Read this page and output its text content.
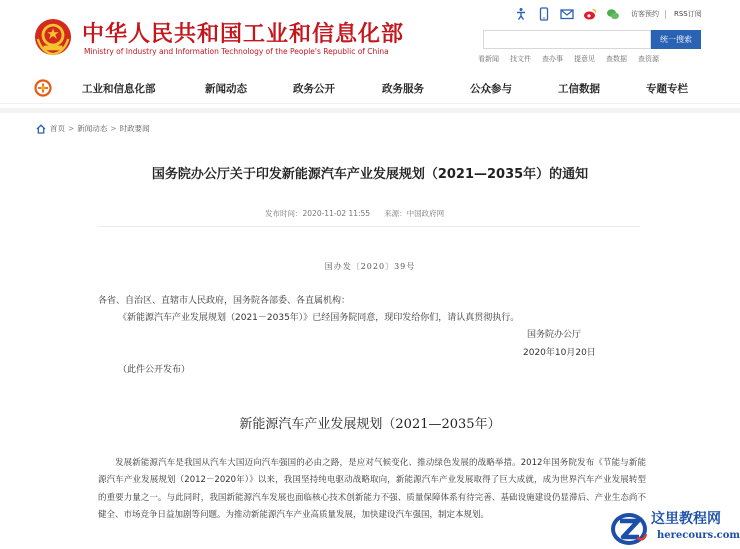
中华人民共和国工业和信息化部
Ministry of Industry and Information Technology of the People's Republic of China
访客预约 RSS订阅
统一搜索
看新闻 找文件 查办事 提意见 查数据 查资源
工业和信息化部	新闻动态	政务公开	政务服务	公众参与	工信数据	专题专栏
首页 > 新闻动态 > 时政要闻
国务院办公厅关于印发新能源汽车产业发展规划（2021—2035年）的通知
发布时间：2020-11-02 11:55 来源：中国政府网
国办发〔2020〕39号
各省、自治区、直辖市人民政府，国务院各部委、各直属机构：
《新能源汽车产业发展规划（2021－2035年）》已经国务院同意，现印发给你们，请认真贯彻执行。
国务院办公厅
2020年10月20日
（此件公开发布）
新能源汽车产业发展规划（2021—2035年）
发展新能源汽车是我国从汽车大国迈向汽车强国的必由之路，是应对气候变化、推动绿色发展的战略举措。2012年国务院发布《节能与新能源汽车产业发展规划（2012－2020年）》以来，我国坚持纯电驱动战略取向，新能源汽车产业发展取得了巨大成就，成为世界汽车产业发展转型的重要力量之一。与此同时，我国新能源汽车发展也面临核心技术创新能力不强、质量保障体系有待完善、基础设施建设仍显滞后、产业生态尚不健全、市场竞争日益加剧等问题。为推动新能源汽车产业高质量发展，加快建设汽车强国，制定本规划。	这里教程网
herecours.com
